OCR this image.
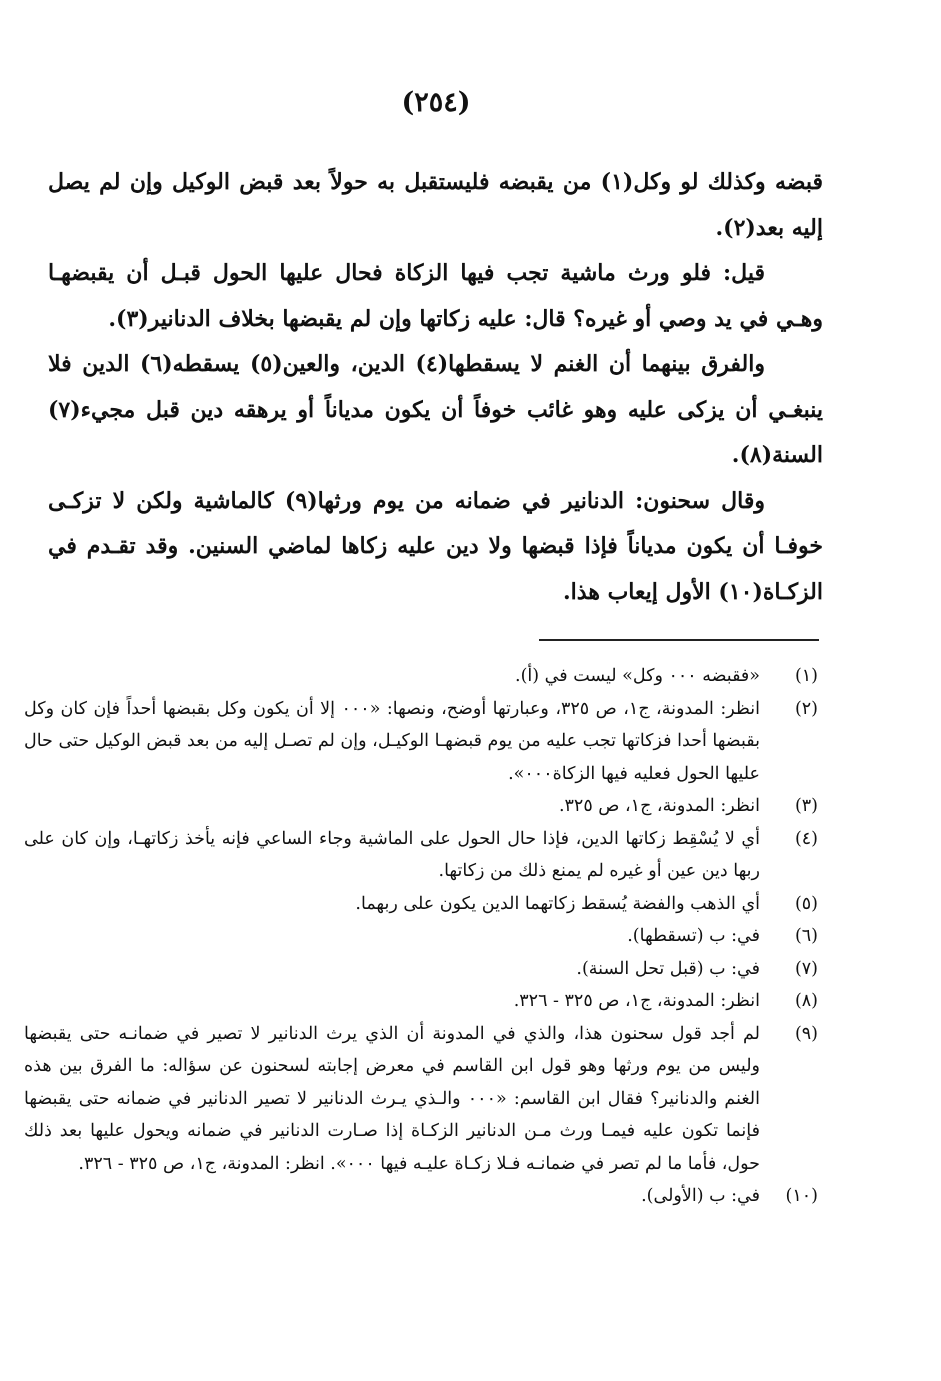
(٢٥٤)

قبضه وكذلك لو وكل(١) من يقبضه فليستقبل به حولاً بعد قبض الوكيل وإن لم يصل إليه بعد(٢).

قيل: فلو ورث ماشية تجب فيها الزكاة فحال عليها الحول قبـل أن يقبضهـا وهـي في يد وصي أو غيره؟ قال: عليه زكاتها وإن لم يقبضها بخلاف الدنانير(٣).

والفرق بينهما أن الغنم لا يسقطها(٤) الدين، والعين(٥) يسقطه(٦) الدين فلا ينبغـي أن يزكى عليه وهو غائب خوفاً أن يكون مدياناً أو يرهقه دين قبل مجيء(٧) السنة(٨).

وقال سحنون: الدنانير في ضمانه من يوم ورثها(٩) كالماشية ولكن لا تزكـى خوفـا أن يكون مدياناً فإذا قبضها ولا دين عليه زكاها لماضي السنين. وقد تقـدم في الزكـاة(١٠) الأول إيعاب هذا.

(١)
«فقبضه ٠٠٠ وكل» ليست في (أ).
(٢)
انظر: المدونة، ج١، ص ٣٢٥، وعبارتها أوضح، ونصها: «٠٠٠ إلا أن يكون وكل بقبضها أحداً فإن كان وكل بقبضها أحدا فزكاتها تجب عليه من يوم قبضهـا الوكيـل، وإن لم تصـل إليه من بعد قبض الوكيل حتى حال عليها الحول فعليه فيها الزكاة٠٠٠».
(٣)
انظر: المدونة، ج١، ص ٣٢٥.
(٤)
أي لا يُسْقِط زكاتها الدين، فإذا حال الحول على الماشية وجاء الساعي فإنه يأخذ زكاتهـا، وإن كان على ربها دين عين أو غيره لم يمنع ذلك من زكاتها.
(٥)
أي الذهب والفضة يُسقط زكاتهما الدين يكون على ربهما.
(٦)
في: ب (تسقطها).
(٧)
في: ب (قبل تحل السنة).
(٨)
انظر: المدونة، ج١، ص ٣٢٥ - ٣٢٦.
(٩)
لم أجد قول سحنون هذا، والذي في المدونة أن الذي يرث الدنانير لا تصير في ضمانـه حتى يقبضها وليس من يوم ورثها وهو قول ابن القاسم في معرض إجابته لسحنون عن سؤاله: ما الفرق بين هذه الغنم والدنانير؟ فقال ابن القاسم: «٠٠٠ والـذي يـرث الدنانير لا تصير الدنانير في ضمانه حتى يقبضها فإنما تكون عليه فيمـا ورث مـن الدنانير الزكـاة إذا صـارت الدنانير في ضمانه ويحول عليها بعد ذلك حول، فأما ما لم تصر في ضمانـه فـلا زكـاة عليـه فيها ٠٠٠». انظر: المدونة، ج١، ص ٣٢٥ - ٣٢٦.
(١٠)
في: ب (الأولى).
